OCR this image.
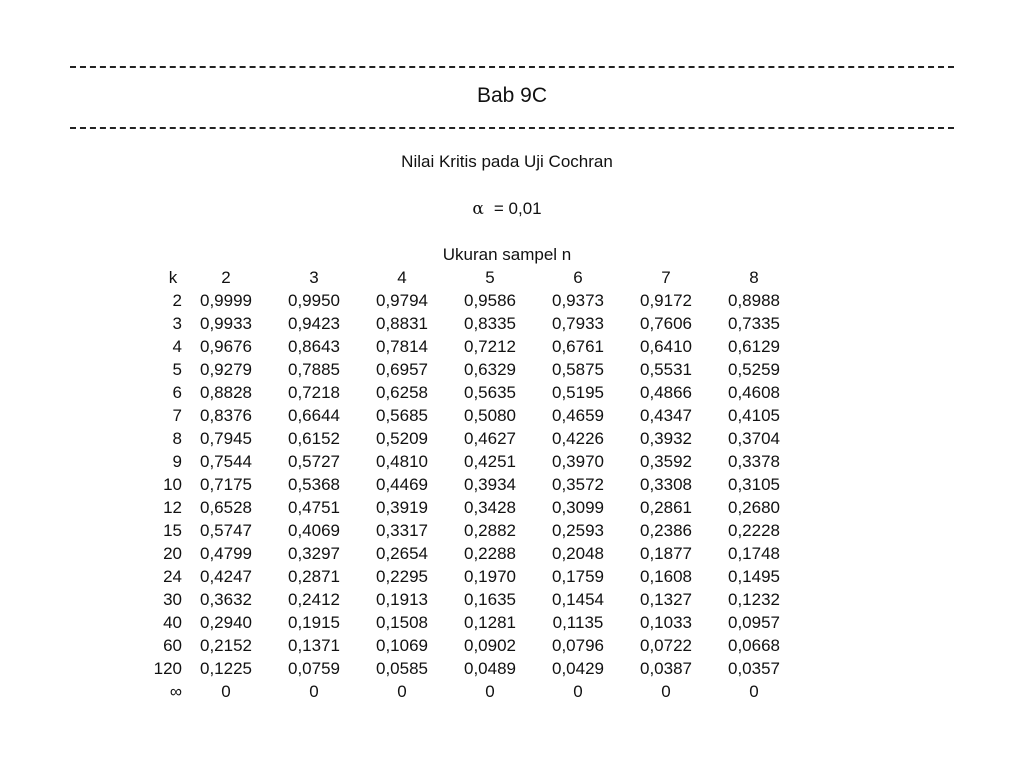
Bab 9C
Nilai Kritis pada Uji Cochran
α = 0,01
Ukuran sampel n
k	2	3	4	5	6	7	8
2	0,9999	0,9950	0,9794	0,9586	0,9373	0,9172	0,8988
3	0,9933	0,9423	0,8831	0,8335	0,7933	0,7606	0,7335
4	0,9676	0,8643	0,7814	0,7212	0,6761	0,6410	0,6129
5	0,9279	0,7885	0,6957	0,6329	0,5875	0,5531	0,5259
6	0,8828	0,7218	0,6258	0,5635	0,5195	0,4866	0,4608
7	0,8376	0,6644	0,5685	0,5080	0,4659	0,4347	0,4105
8	0,7945	0,6152	0,5209	0,4627	0,4226	0,3932	0,3704
9	0,7544	0,5727	0,4810	0,4251	0,3970	0,3592	0,3378
10	0,7175	0,5368	0,4469	0,3934	0,3572	0,3308	0,3105
12	0,6528	0,4751	0,3919	0,3428	0,3099	0,2861	0,2680
15	0,5747	0,4069	0,3317	0,2882	0,2593	0,2386	0,2228
20	0,4799	0,3297	0,2654	0,2288	0,2048	0,1877	0,1748
24	0,4247	0,2871	0,2295	0,1970	0,1759	0,1608	0,1495
30	0,3632	0,2412	0,1913	0,1635	0,1454	0,1327	0,1232
40	0,2940	0,1915	0,1508	0,1281	0,1135	0,1033	0,0957
60	0,2152	0,1371	0,1069	0,0902	0,0796	0,0722	0,0668
120	0,1225	0,0759	0,0585	0,0489	0,0429	0,0387	0,0357
∞	0	0	0	0	0	0	0
